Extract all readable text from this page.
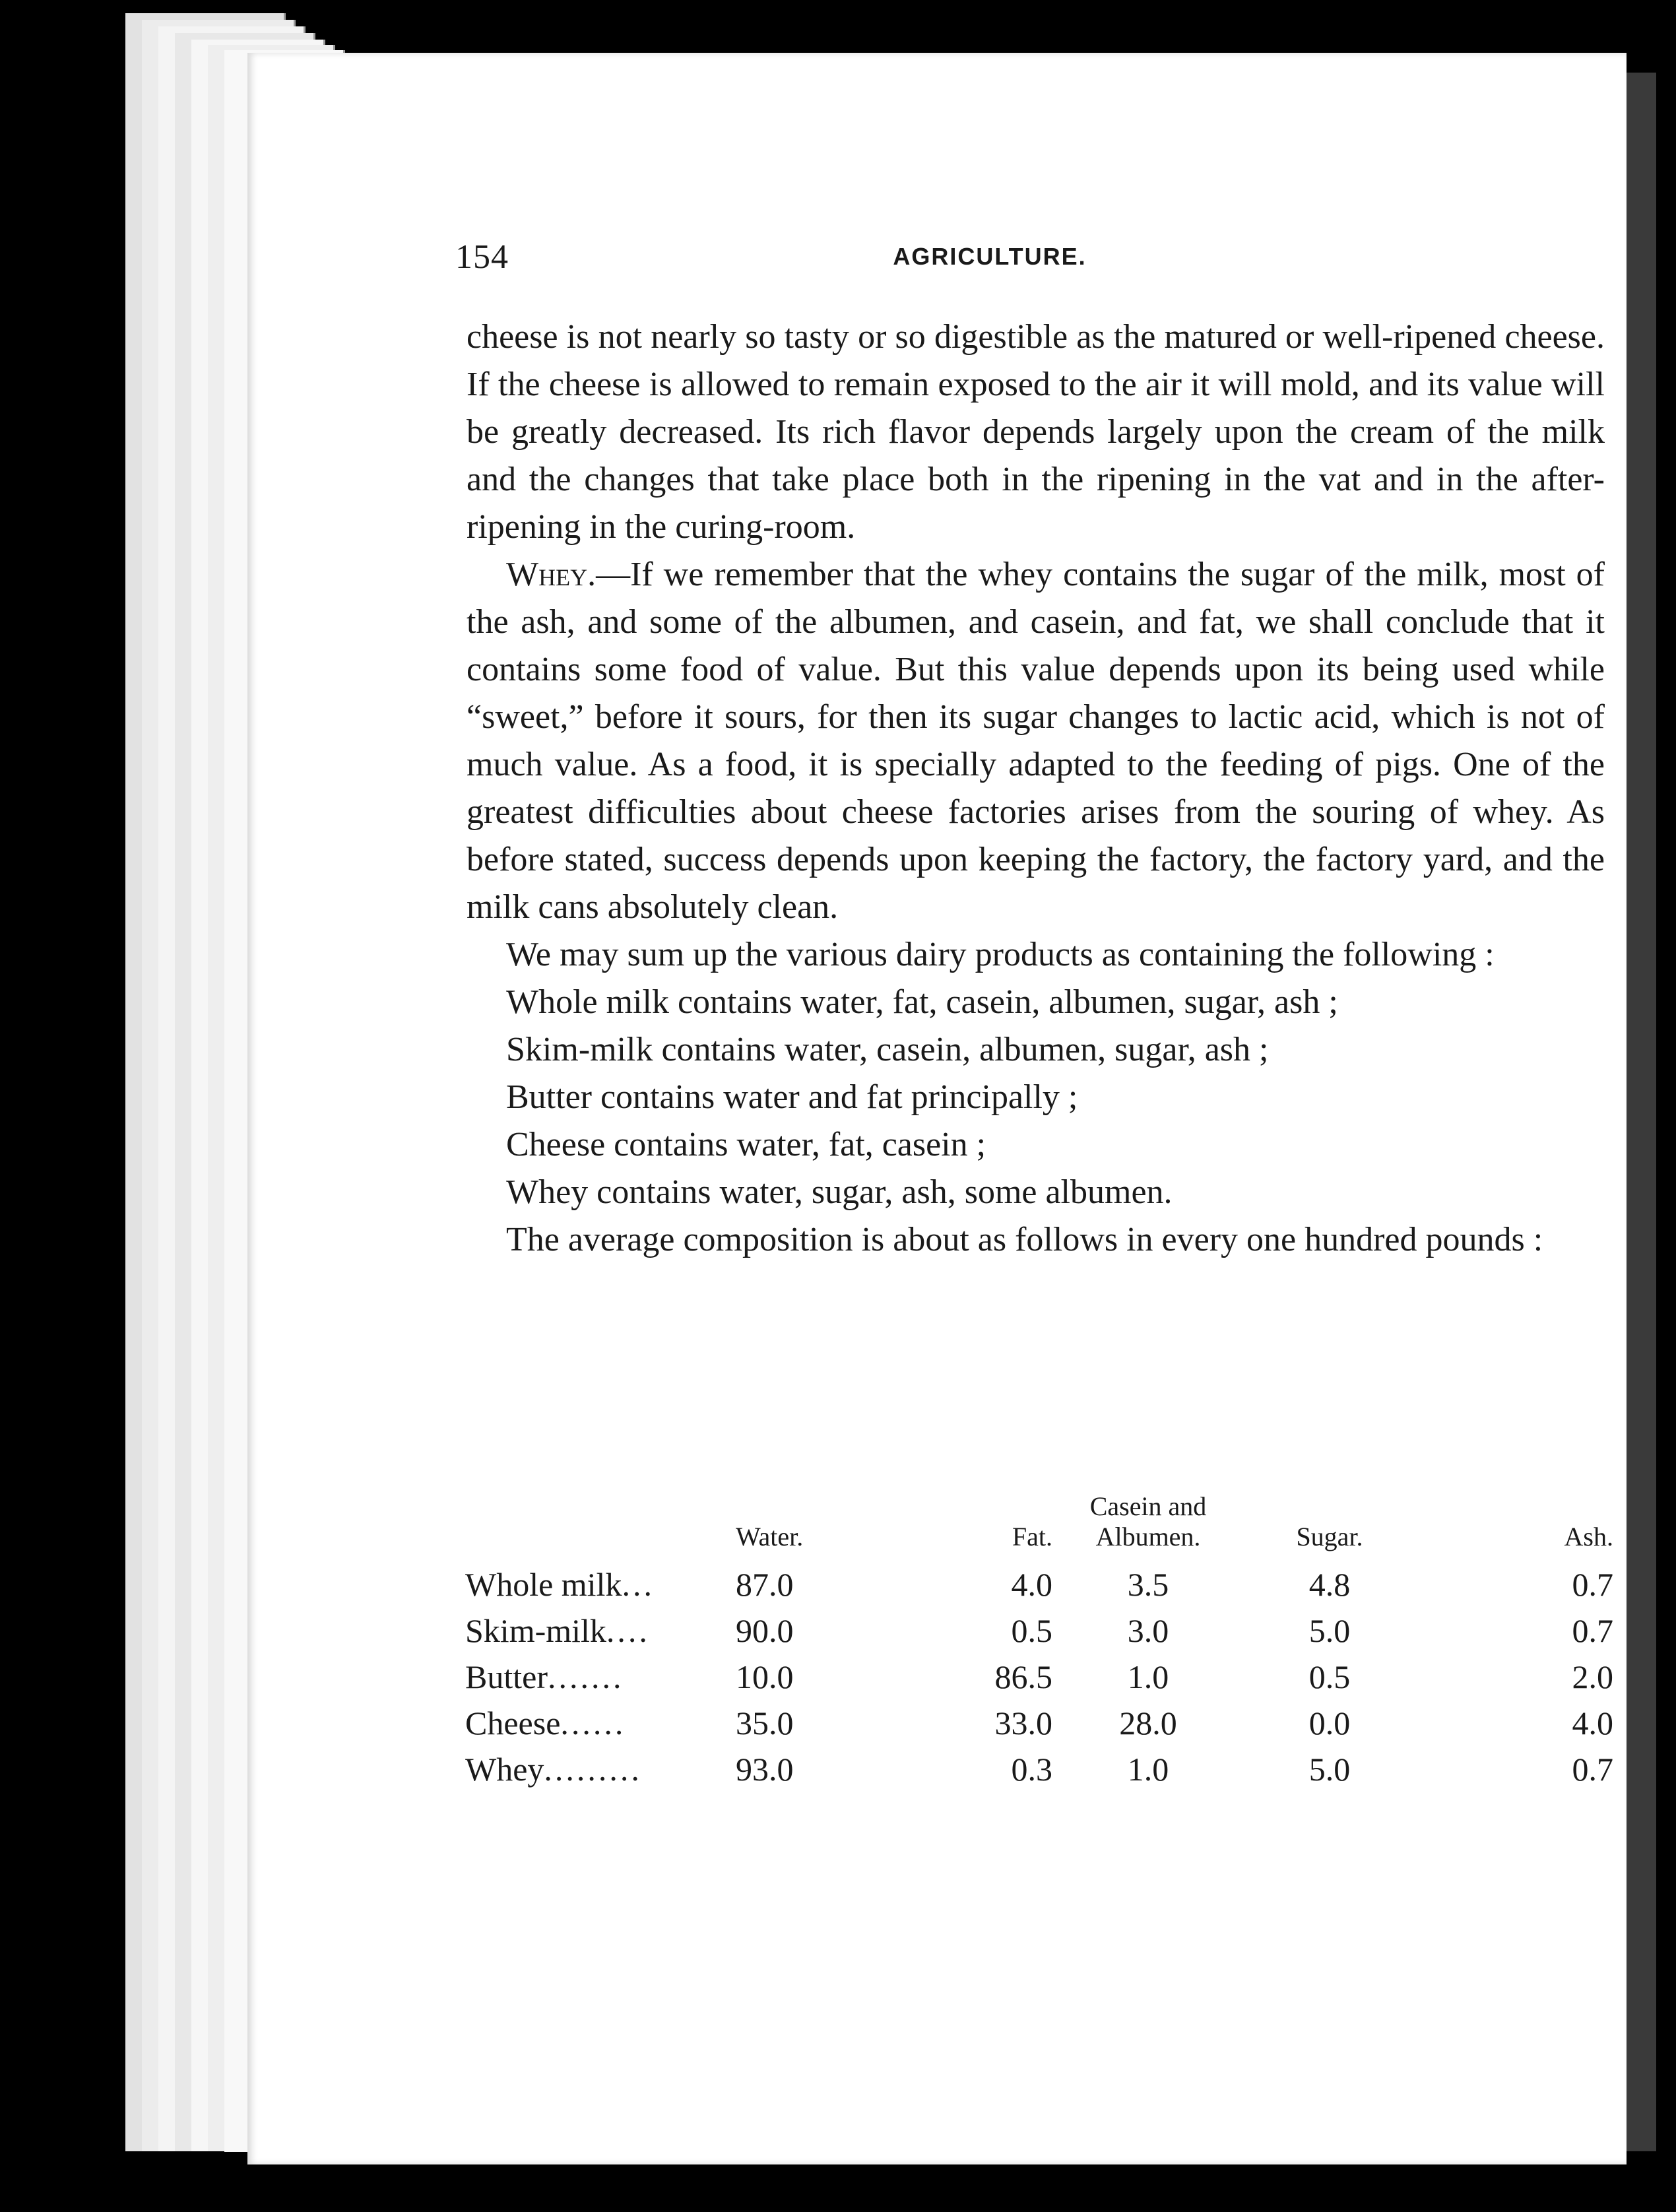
154	AGRICULTURE.

cheese is not nearly so tasty or so digestible as the matured or well-ripened cheese. If the cheese is allowed to remain exposed to the air it will mold, and its value will be greatly decreased. Its rich flavor depends largely upon the cream of the milk and the changes that take place both in the ripening in the vat and in the after-ripening in the curing-room.

Whey.—If we remember that the whey contains the sugar of the milk, most of the ash, and some of the albumen, and casein, and fat, we shall conclude that it contains some food of value. But this value depends upon its being used while “sweet,” before it sours, for then its sugar changes to lactic acid, which is not of much value. As a food, it is specially adapted to the feeding of pigs. One of the greatest difficulties about cheese factories arises from the souring of whey. As before stated, success depends upon keeping the factory, the factory yard, and the milk cans absolutely clean.

We may sum up the various dairy products as containing the following :

Whole milk contains water, fat, casein, albumen, sugar, ash ;

Skim-milk contains water, casein, albumen, sugar, ash ;

Butter contains water and fat principally ;

Cheese contains water, fat, casein ;

Whey contains water, sugar, ash, some albumen.

The average composition is about as follows in every one hundred pounds :

	Water.	Fat.	Casein and Albumen.	Sugar.	Ash.
Whole milk...	87.0	4.0	3.5	4.8	0.7
Skim-milk....	90.0	0.5	3.0	5.0	0.7
Butter.......	10.0	86.5	1.0	0.5	2.0
Cheese......	35.0	33.0	28.0	0.0	4.0
Whey.........	93.0	0.3	1.0	5.0	0.7
